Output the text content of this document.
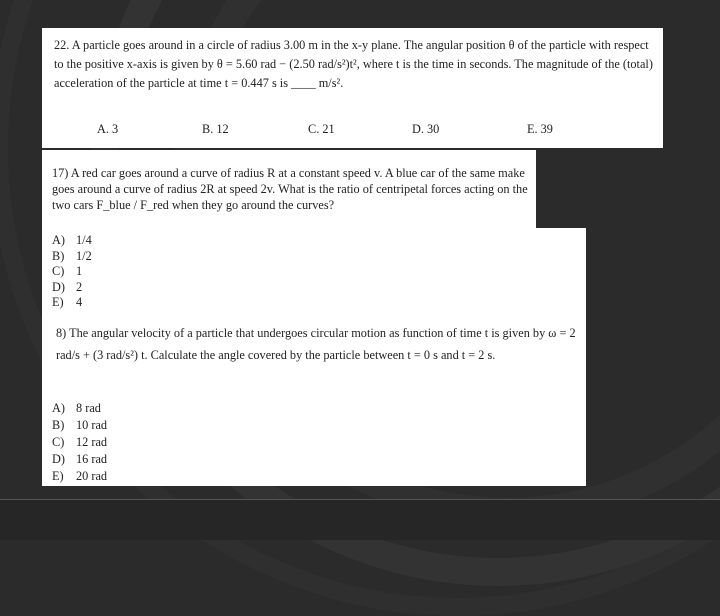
22. A particle goes around in a circle of radius 3.00 m in the x-y plane. The angular position θ of the particle with respect to the positive x-axis is given by θ = 5.60 rad − (2.50 rad/s²)t², where t is the time in seconds. The magnitude of the (total) acceleration of the particle at time t = 0.447 s is ____ m/s².
A. 3	B. 12	C. 21	D. 30	E. 39
17) A red car goes around a curve of radius R at a constant speed v. A blue car of the same make goes around a curve of radius 2R at speed 2v. What is the ratio of centripetal forces acting on the two cars F_blue / F_red when they go around the curves?
A) 1/4
B) 1/2
C) 1
D) 2
E) 4
8) The angular velocity of a particle that undergoes circular motion as function of time t is given by ω = 2 rad/s + (3 rad/s²) t. Calculate the angle covered by the particle between t = 0 s and t = 2 s.
A) 8 rad
B) 10 rad
C) 12 rad
D) 16 rad
E) 20 rad
